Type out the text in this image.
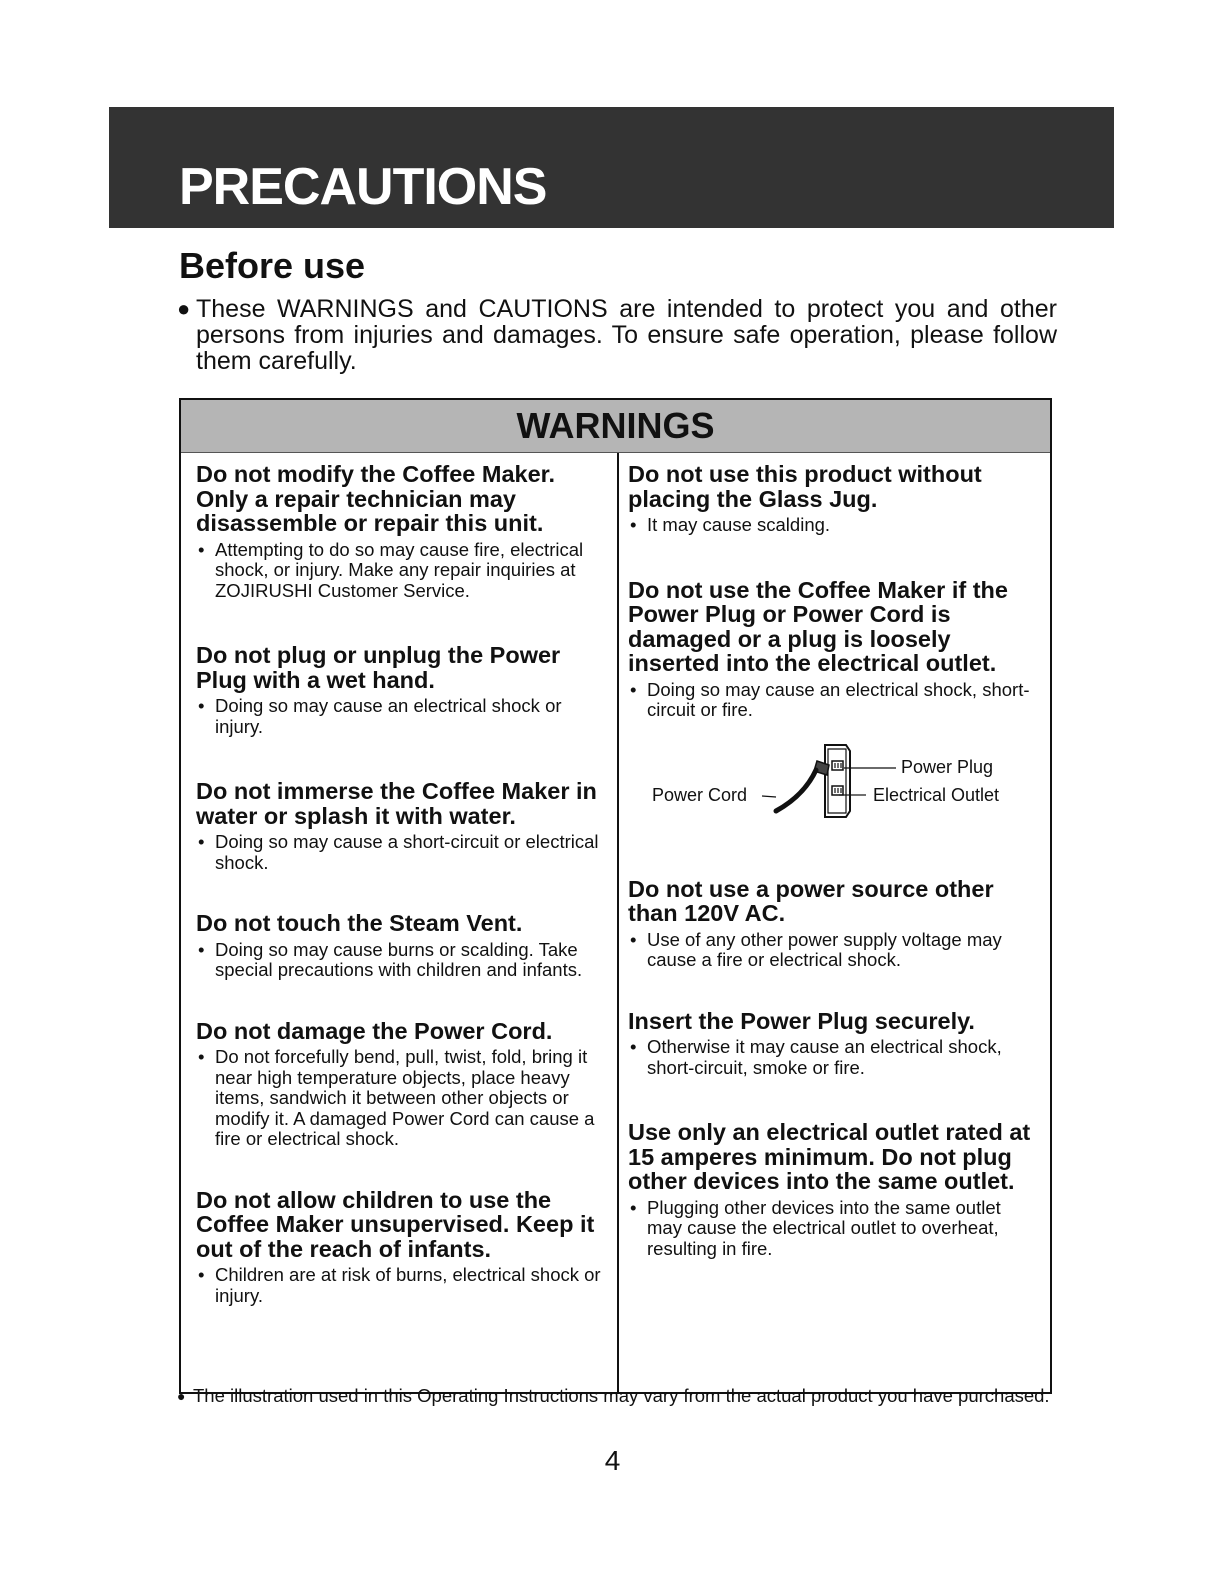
PRECAUTIONS
Before use
● These WARNINGS and CAUTIONS are intended to protect you and other persons from injuries and damages. To ensure safe operation, please follow them carefully.

WARNINGS
Do not modify the Coffee Maker. Only a repair technician may disassemble or repair this unit.

• Attempting to do so may cause fire, electrical shock, or injury. Make any repair inquiries at ZOJIRUSHI Customer Service.

Do not plug or unplug the Power Plug with a wet hand.

• Doing so may cause an electrical shock or injury.

Do not immerse the Coffee Maker in water or splash it with water.

• Doing so may cause a short-circuit or electrical shock.

Do not touch the Steam Vent.

• Doing so may cause burns or scalding. Take special precautions with children and infants.

Do not damage the Power Cord.

• Do not forcefully bend, pull, twist, fold, bring it near high temperature objects, place heavy items, sandwich it between other objects or modify it. A damaged Power Cord can cause a fire or electrical shock.

Do not allow children to use the Coffee Maker unsupervised. Keep it out of the reach of infants.

• Children are at risk of burns, electrical shock or injury.

Do not use this product without placing the Glass Jug.

• It may cause scalding.

Do not use the Coffee Maker if the Power Plug or Power Cord is damaged or a plug is loosely inserted into the electrical outlet.

• Doing so may cause an electrical shock, short-circuit or fire.

Power Cord
Power Plug
Electrical Outlet
Do not use a power source other than 120V AC.

• Use of any other power supply voltage may cause a fire or electrical shock.

Insert the Power Plug securely.

• Otherwise it may cause an electrical shock, short-circuit, smoke or fire.

Use only an electrical outlet rated at 15 amperes minimum. Do not plug other devices into the same outlet.

• Plugging other devices into the same outlet may cause the electrical outlet to overheat, resulting in fire.

● The illustration used in this Operating Instructions may vary from the actual product you have purchased.

4
